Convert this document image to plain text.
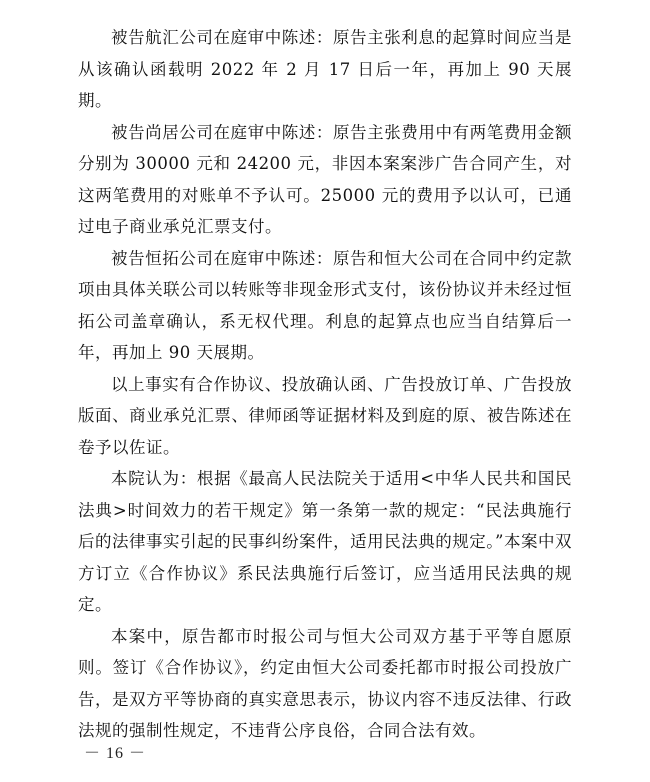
被告航汇公司在庭审中陈述：原告主张利息的起算时间应当是从该确认函载明 2022 年 2 月 17 日后一年，再加上 90 天展期。

被告尚居公司在庭审中陈述：原告主张费用中有两笔费用金额分别为 30000 元和 24200 元，非因本案案涉广告合同产生，对这两笔费用的对账单不予认可。25000 元的费用予以认可，已通过电子商业承兑汇票支付。

被告恒拓公司在庭审中陈述：原告和恒大公司在合同中约定款项由具体关联公司以转账等非现金形式支付，该份协议并未经过恒拓公司盖章确认，系无权代理。利息的起算点也应当自结算后一年，再加上 90 天展期。

以上事实有合作协议、投放确认函、广告投放订单、广告投放版面、商业承兑汇票、律师函等证据材料及到庭的原、被告陈述在卷予以佐证。

本院认为：根据《最高人民法院关于适用<中华人民共和国民法典>时间效力的若干规定》第一条第一款的规定：“民法典施行后的法律事实引起的民事纠纷案件，适用民法典的规定。”本案中双方订立《合作协议》系民法典施行后签订，应当适用民法典的规定。

本案中，原告都市时报公司与恒大公司双方基于平等自愿原则。签订《合作协议》，约定由恒大公司委托都市时报公司投放广告，是双方平等协商的真实意思表示，协议内容不违反法律、行政法规的强制性规定，不违背公序良俗，合同合法有效。

－ 16 －
